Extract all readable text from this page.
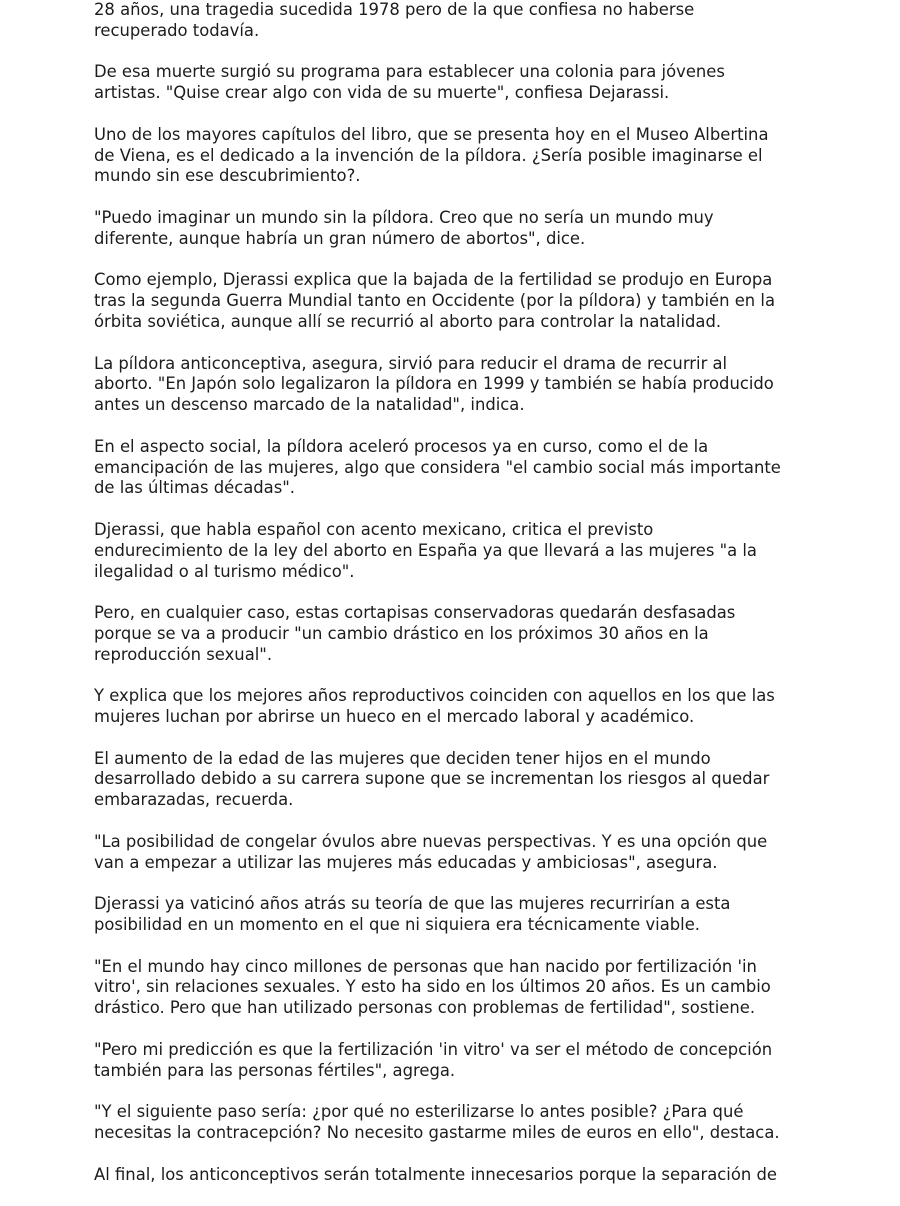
28 años, una tragedia sucedida 1978 pero de la que confiesa no haberse
recuperado todavía.
De esa muerte surgió su programa para establecer una colonia para jóvenes
artistas. "Quise crear algo con vida de su muerte", confiesa Dejarassi.
Uno de los mayores capítulos del libro, que se presenta hoy en el Museo Albertina
de Viena, es el dedicado a la invención de la píldora. ¿Sería posible imaginarse el
mundo sin ese descubrimiento?.
"Puedo imaginar un mundo sin la píldora. Creo que no sería un mundo muy
diferente, aunque habría un gran número de abortos", dice.
Como ejemplo, Djerassi explica que la bajada de la fertilidad se produjo en Europa
tras la segunda Guerra Mundial tanto en Occidente (por la píldora) y también en la
órbita soviética, aunque allí se recurrió al aborto para controlar la natalidad.
La píldora anticonceptiva, asegura, sirvió para reducir el drama de recurrir al
aborto. "En Japón solo legalizaron la píldora en 1999 y también se había producido
antes un descenso marcado de la natalidad", indica.
En el aspecto social, la píldora aceleró procesos ya en curso, como el de la
emancipación de las mujeres, algo que considera "el cambio social más importante
de las últimas décadas".
Djerassi, que habla español con acento mexicano, critica el previsto
endurecimiento de la ley del aborto en España ya que llevará a las mujeres "a la
ilegalidad o al turismo médico".
Pero, en cualquier caso, estas cortapisas conservadoras quedarán desfasadas
porque se va a producir "un cambio drástico en los próximos 30 años en la
reproducción sexual".
Y explica que los mejores años reproductivos coinciden con aquellos en los que las
mujeres luchan por abrirse un hueco en el mercado laboral y académico.
El aumento de la edad de las mujeres que deciden tener hijos en el mundo
desarrollado debido a su carrera supone que se incrementan los riesgos al quedar
embarazadas, recuerda.
"La posibilidad de congelar óvulos abre nuevas perspectivas. Y es una opción que
van a empezar a utilizar las mujeres más educadas y ambiciosas", asegura.
Djerassi ya vaticinó años atrás su teoría de que las mujeres recurrirían a esta
posibilidad en un momento en el que ni siquiera era técnicamente viable.
"En el mundo hay cinco millones de personas que han nacido por fertilización 'in
vitro', sin relaciones sexuales. Y esto ha sido en los últimos 20 años. Es un cambio
drástico. Pero que han utilizado personas con problemas de fertilidad", sostiene.
"Pero mi predicción es que la fertilización 'in vitro' va ser el método de concepción
también para las personas fértiles", agrega.
"Y el siguiente paso sería: ¿por qué no esterilizarse lo antes posible? ¿Para qué
necesitas la contracepción? No necesito gastarme miles de euros en ello", destaca.
Al final, los anticonceptivos serán totalmente innecesarios porque la separación de
